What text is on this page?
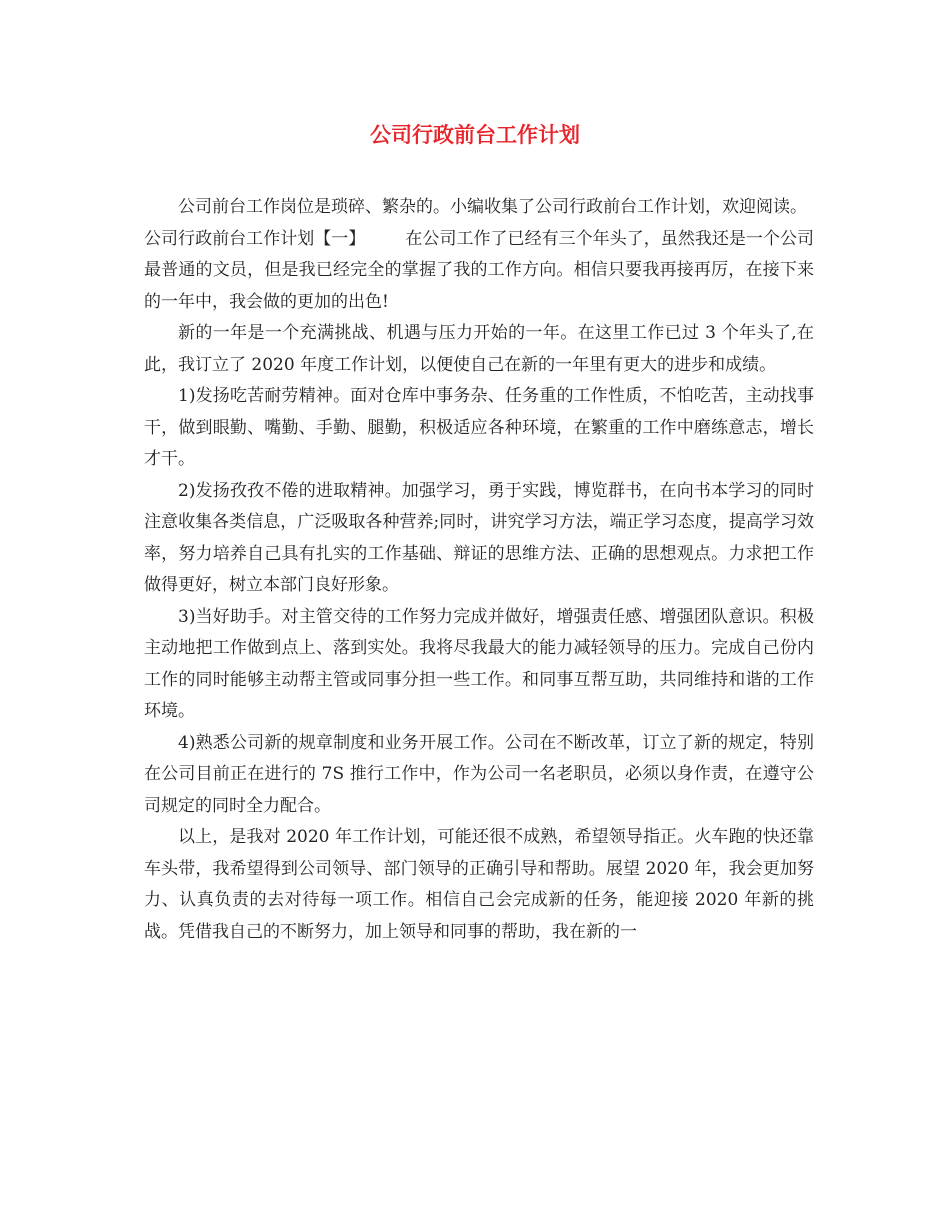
公司行政前台工作计划

公司前台工作岗位是琐碎、繁杂的。小编收集了公司行政前台工作计划，欢迎阅读。

公司行政前台工作计划【一】 在公司工作了已经有三个年头了，虽然我还是一个公司最普通的文员，但是我已经完全的掌握了我的工作方向。相信只要我再接再厉，在接下来的一年中，我会做的更加的出色!

新的一年是一个充满挑战、机遇与压力开始的一年。在这里工作已过 3 个年头了,在此，我订立了 2020 年度工作计划，以便使自己在新的一年里有更大的进步和成绩。

1)发扬吃苦耐劳精神。面对仓库中事务杂、任务重的工作性质，不怕吃苦，主动找事干，做到眼勤、嘴勤、手勤、腿勤，积极适应各种环境，在繁重的工作中磨练意志，增长才干。

2)发扬孜孜不倦的进取精神。加强学习，勇于实践，博览群书，在向书本学习的同时注意收集各类信息，广泛吸取各种营养;同时，讲究学习方法，端正学习态度，提高学习效率，努力培养自己具有扎实的工作基础、辩证的思维方法、正确的思想观点。力求把工作做得更好，树立本部门良好形象。

3)当好助手。对主管交待的工作努力完成并做好，增强责任感、增强团队意识。积极主动地把工作做到点上、落到实处。我将尽我最大的能力减轻领导的压力。完成自己份内工作的同时能够主动帮主管或同事分担一些工作。和同事互帮互助，共同维持和谐的工作环境。

4)熟悉公司新的规章制度和业务开展工作。公司在不断改革，订立了新的规定，特别在公司目前正在进行的 7S 推行工作中，作为公司一名老职员，必须以身作责，在遵守公司规定的同时全力配合。

以上，是我对 2020 年工作计划，可能还很不成熟，希望领导指正。火车跑的快还靠车头带，我希望得到公司领导、部门领导的正确引导和帮助。展望 2020 年，我会更加努力、认真负责的去对待每一项工作。相信自己会完成新的任务，能迎接 2020 年新的挑战。凭借我自己的不断努力，加上领导和同事的帮助，我在新的一
